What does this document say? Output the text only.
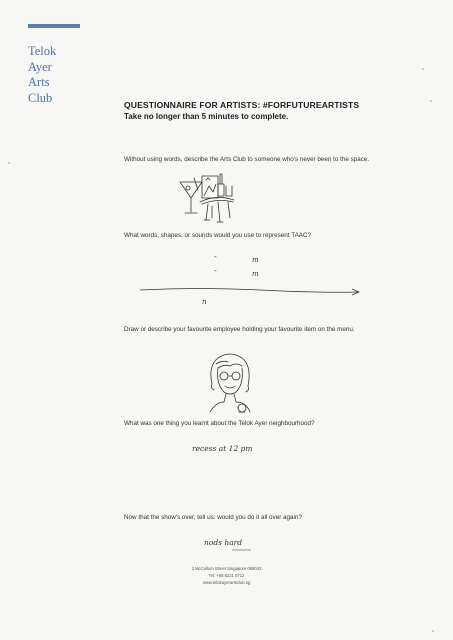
Telok
Ayer
Arts
Club
QUESTIONNAIRE FOR ARTISTS: #FORFUTUREARTISTS
Take no longer than 5 minutes to complete.
Without using words, describe the Arts Club to someone who's never been to the space.
What words, shapes, or sounds would you use to represent TAAC?
-	m
-	m
n
Draw or describe your favourite employee holding your favourite item on the menu.
What was one thing you learnt about the Telok Ayer neighbourhood?
recess at 12 pm
Now that the show's over, tell us: would you do it all over again?
nods hard
2 McCallum Street Singapore 069043
Tel: +65 6221 0712
www.telokayerartsclub.sg
